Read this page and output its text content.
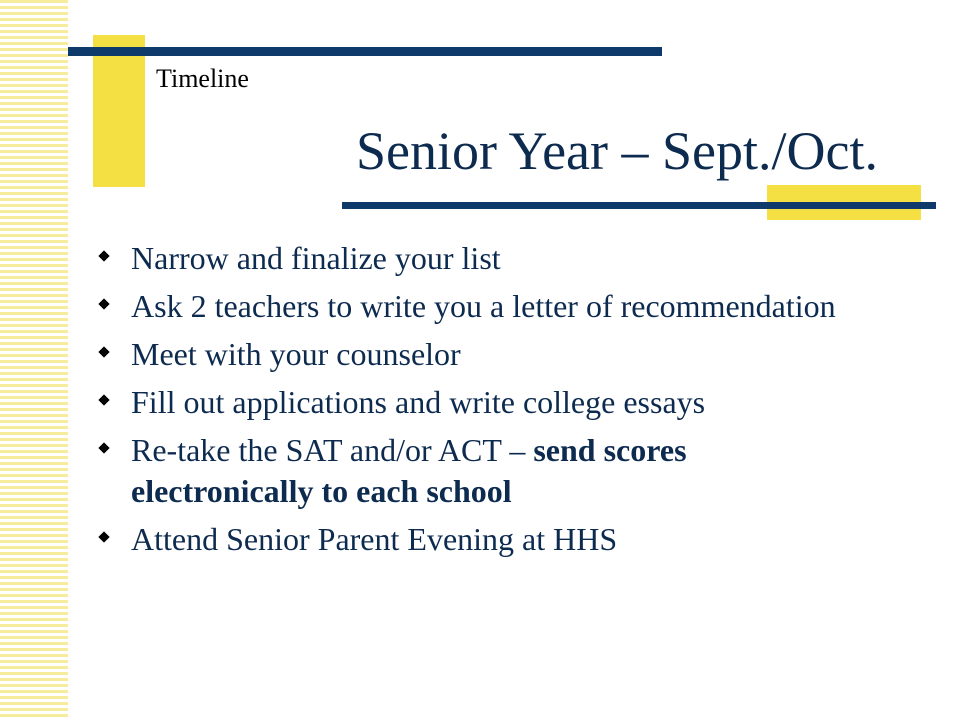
Timeline

Senior Year – Sept./Oct.
Narrow and finalize your list
Ask 2 teachers to write you a letter of recommendation
Meet with your counselor
Fill out applications and write college essays
Re-take the SAT and/or ACT – send scores electronically to each school
Attend Senior Parent Evening at HHS
